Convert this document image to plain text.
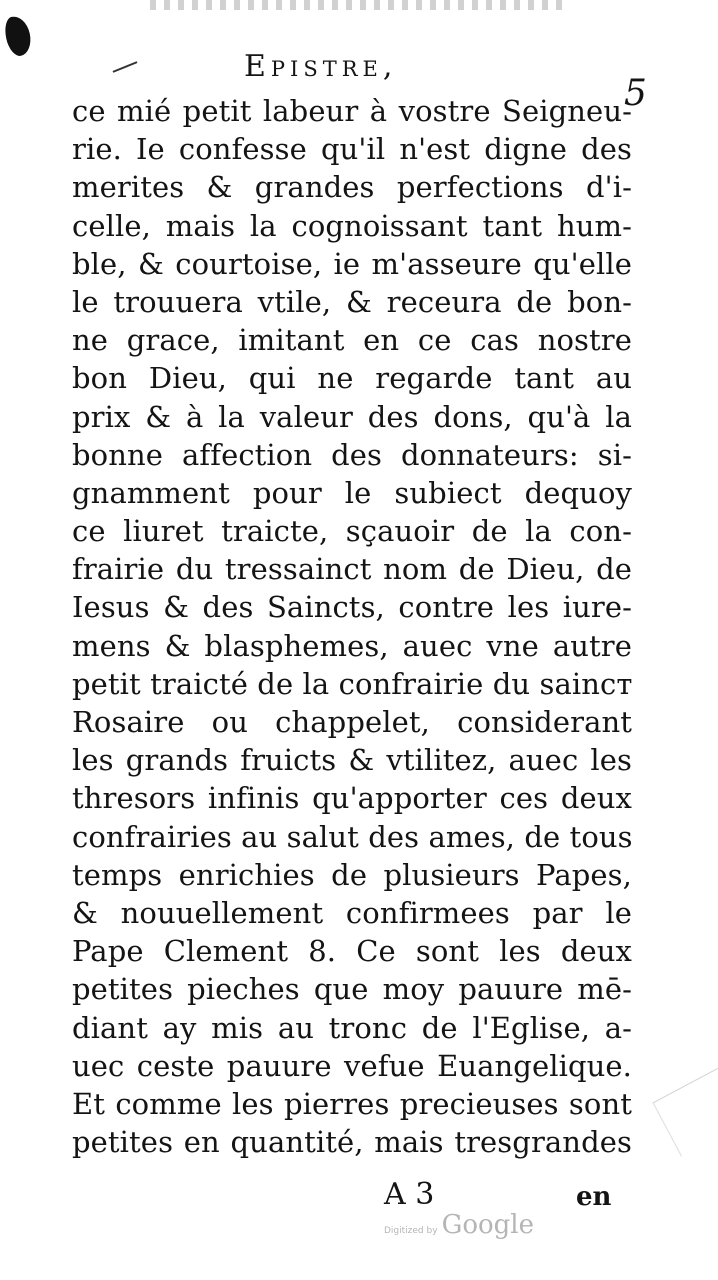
Epistre,
5
ce mié petit labeur à vostre Seigneu-
rie. Ie confesse qu'il n'est digne des
merites & grandes perfections d'i-
celle, mais la cognoissant tant hum-
ble, & courtoise, ie m'asseure qu'elle
le trouuera vtile, & receura de bon-
ne grace, imitant en ce cas nostre
bon Dieu, qui ne regarde tant au
prix & à la valeur des dons, qu'à la
bonne affection des donnateurs: si-
gnamment pour le subiect dequoy
ce liuret traicte, sçauoir de la con-
frairie du tressainct nom de Dieu, de
Iesus & des Saincts, contre les iure-
mens & blasphemes, auec vne autre
petit traicté de la confrairie du saincт
Rosaire ou chappelet, considerant
les grands fruicts & vtilitez, auec les
thresors infinis qu'apporter ces deux
confrairies au salut des ames, de tous
temps enrichies de plusieurs Papes,
& nouuellement confirmees par le
Pape Clement 8. Ce sont les deux
petites pieches que moy pauure mē-
diant ay mis au tronc de l'Eglise, a-
uec ceste pauure vefue Euangelique.
Et comme les pierres precieuses sont
petites en quantité, mais tresgrandes
A 3	en
Digitized by Google
